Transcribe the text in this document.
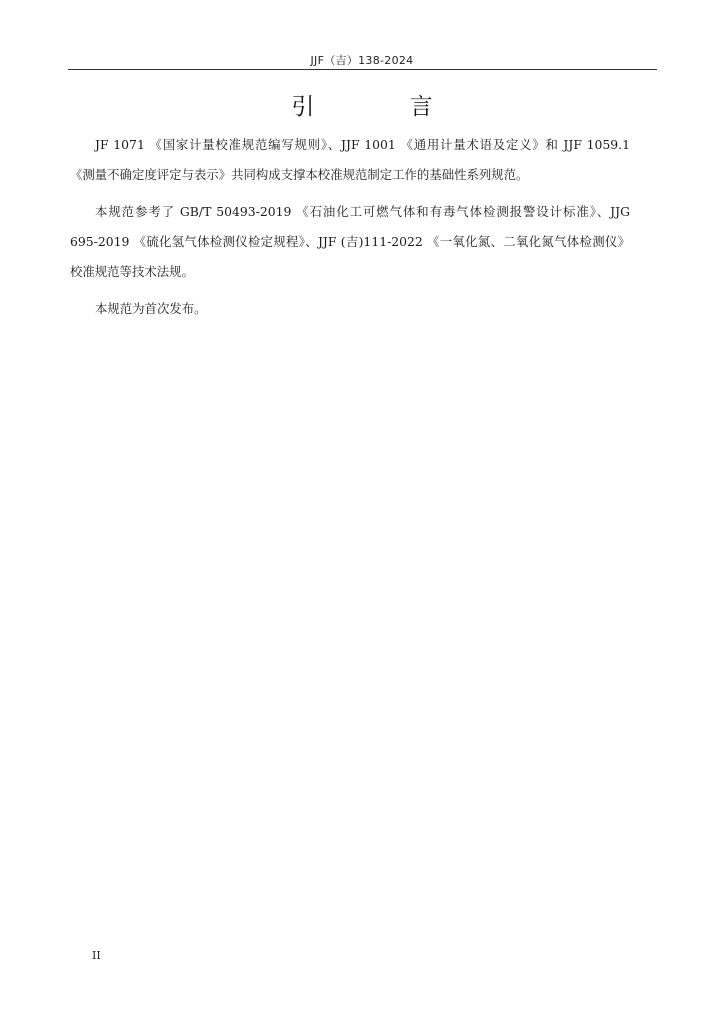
JJF（吉）138-2024
引 言

JF 1071 《国家计量校准规范编写规则》、JJF 1001 《通用计量术语及定义》和 JJF 1059.1 《测量不确定度评定与表示》共同构成支撑本校准规范制定工作的基础性系列规范。

本规范参考了 GB/T 50493-2019 《石油化工可燃气体和有毒气体检测报警设计标准》、JJG 695-2019 《硫化氢气体检测仪检定规程》、JJF (吉)111-2022 《一氧化氮、二氧化氮气体检测仪》校准规范等技术法规。

本规范为首次发布。

II
